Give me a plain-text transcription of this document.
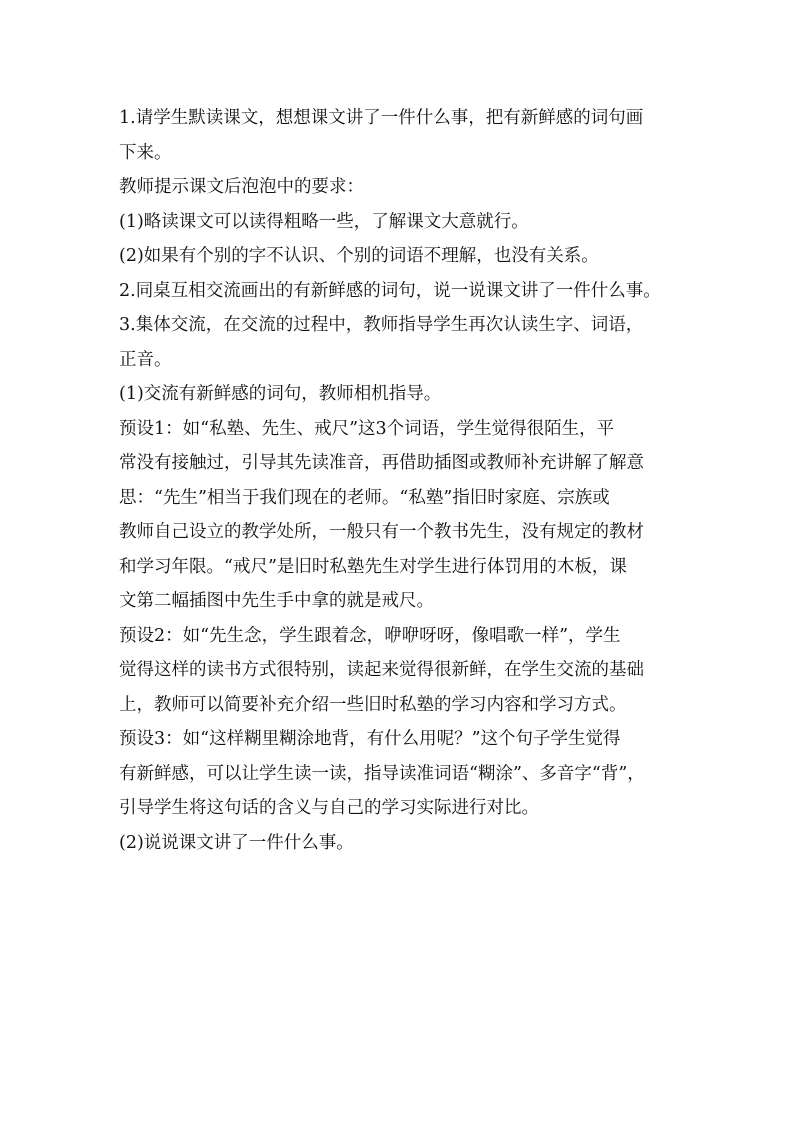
1.请学生默读课文，想想课文讲了一件什么事，把有新鲜感的词句画
下来。
教师提示课文后泡泡中的要求：
(1)略读课文可以读得粗略一些，了解课文大意就行。
(2)如果有个别的字不认识、个别的词语不理解，也没有关系。
2.同桌互相交流画出的有新鲜感的词句，说一说课文讲了一件什么事。
3.集体交流，在交流的过程中，教师指导学生再次认读生字、词语，
正音。
(1)交流有新鲜感的词句，教师相机指导。
预设1：如“私塾、先生、戒尺”这3个词语，学生觉得很陌生，平
常没有接触过，引导其先读准音，再借助插图或教师补充讲解了解意
思：“先生”相当于我们现在的老师。“私塾”指旧时家庭、宗族或
教师自己设立的教学处所，一般只有一个教书先生，没有规定的教材
和学习年限。“戒尺”是旧时私塾先生对学生进行体罚用的木板，课
文第二幅插图中先生手中拿的就是戒尺。
预设2：如“先生念，学生跟着念，咿咿呀呀，像唱歌一样”，学生
觉得这样的读书方式很特别，读起来觉得很新鲜，在学生交流的基础
上，教师可以简要补充介绍一些旧时私塾的学习内容和学习方式。
预设3：如“这样糊里糊涂地背，有什么用呢？”这个句子学生觉得
有新鲜感，可以让学生读一读，指导读准词语“糊涂”、多音字“背”，
引导学生将这句话的含义与自己的学习实际进行对比。
(2)说说课文讲了一件什么事。
